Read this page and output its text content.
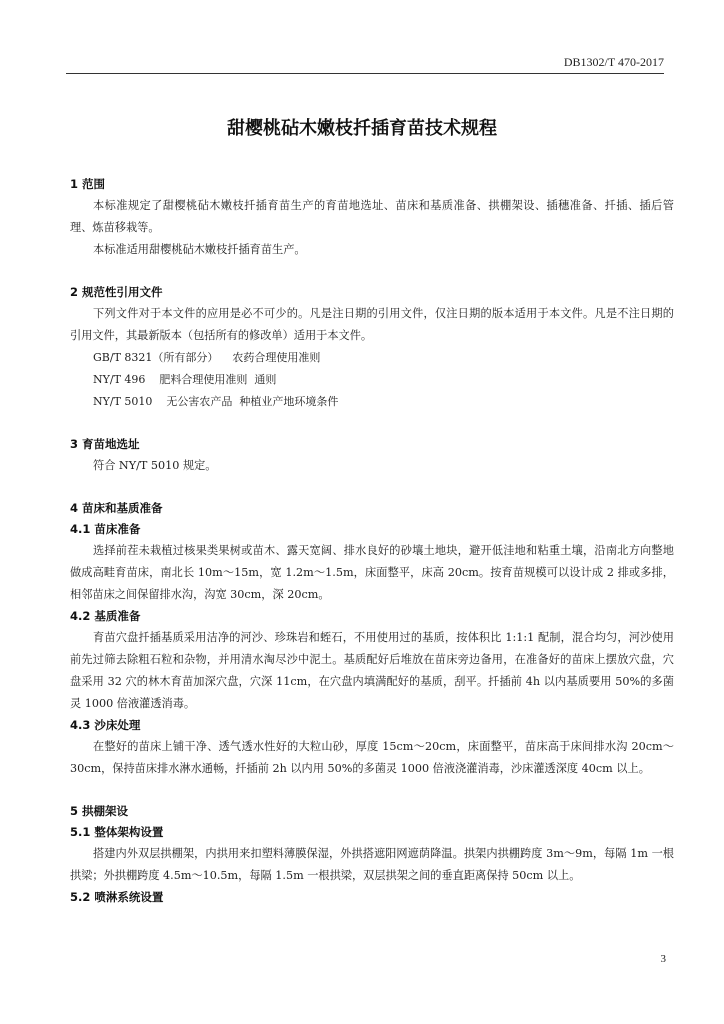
DB1302/T 470-2017
甜樱桃砧木嫩枝扦插育苗技术规程
1 范围
本标准规定了甜樱桃砧木嫩枝扦插育苗生产的育苗地选址、苗床和基质准备、拱棚架设、插穗准备、扦插、插后管理、炼苗移栽等。
本标准适用甜樱桃砧木嫩枝扦插育苗生产。
2 规范性引用文件
下列文件对于本文件的应用是必不可少的。凡是注日期的引用文件，仅注日期的版本适用于本文件。凡是不注日期的引用文件，其最新版本（包括所有的修改单）适用于本文件。
GB/T 8321（所有部分） 农药合理使用准则
NY/T 496 肥料合理使用准则  通则
NY/T 5010 无公害农产品  种植业产地环境条件
3 育苗地选址
符合 NY/T 5010 规定。
4 苗床和基质准备
4.1 苗床准备
选择前茬未栽植过核果类果树或苗木、露天宽阔、排水良好的砂壤土地块，避开低洼地和粘重土壤，沿南北方向整地做成高畦育苗床，南北长 10m～15m，宽 1.2m～1.5m，床面整平，床高 20cm。按育苗规模可以设计成 2 排或多排，相邻苗床之间保留排水沟，沟宽 30cm，深 20cm。
4.2 基质准备
育苗穴盘扦插基质采用洁净的河沙、珍珠岩和蛭石，不用使用过的基质，按体积比 1:1:1 配制，混合均匀，河沙使用前先过筛去除粗石粒和杂物，并用清水淘尽沙中泥土。基质配好后堆放在苗床旁边备用，在准备好的苗床上摆放穴盘，穴盘采用 32 穴的林木育苗加深穴盘，穴深 11cm，在穴盘内填满配好的基质，刮平。扦插前 4h 以内基质要用 50%的多菌灵 1000 倍液灌透消毒。
4.3 沙床处理
在整好的苗床上铺干净、透气透水性好的大粒山砂，厚度 15cm～20cm，床面整平，苗床高于床间排水沟 20cm～30cm，保持苗床排水淋水通畅，扦插前 2h 以内用 50%的多菌灵 1000 倍液浇灌消毒，沙床灌透深度 40cm 以上。
5 拱棚架设
5.1 整体架构设置
搭建内外双层拱棚架，内拱用来扣塑料薄膜保湿，外拱搭遮阳网遮荫降温。拱架内拱棚跨度 3m～9m，每隔 1m 一根拱梁；外拱棚跨度 4.5m～10.5m，每隔 1.5m 一根拱梁，双层拱架之间的垂直距离保持 50cm 以上。
5.2 喷淋系统设置
3
